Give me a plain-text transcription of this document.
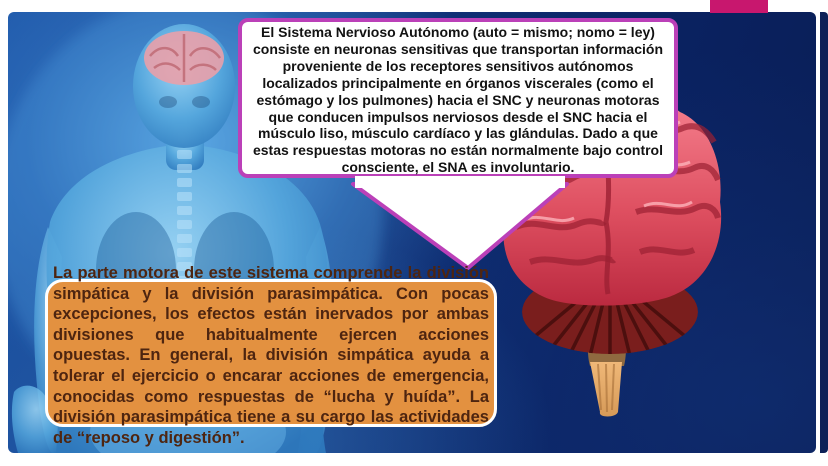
El Sistema Nervioso Autónomo (auto = mismo; nomo = ley) consiste en neuronas sensitivas que transportan información proveniente de los receptores sensitivos autónomos localizados principalmente en órganos viscerales (como el estómago y los pulmones) hacia el SNC y neuronas motoras que conducen impulsos nerviosos desde el SNC hacia el músculo liso, músculo cardíaco y las glándulas. Dado a que estas respuestas motoras no están normalmente bajo control consciente, el SNA es involuntario.
La parte motora de este sistema comprende la división simpática y la división parasimpática. Con pocas excepciones, los efectos están inervados por ambas divisiones que habitualmente ejercen acciones opuestas. En general, la división simpática ayuda a tolerar el ejercicio o encarar acciones de emergencia, conocidas como respuestas de “lucha y huída”. La división parasimpática tiene a su cargo las actividades de “reposo y digestión”.
